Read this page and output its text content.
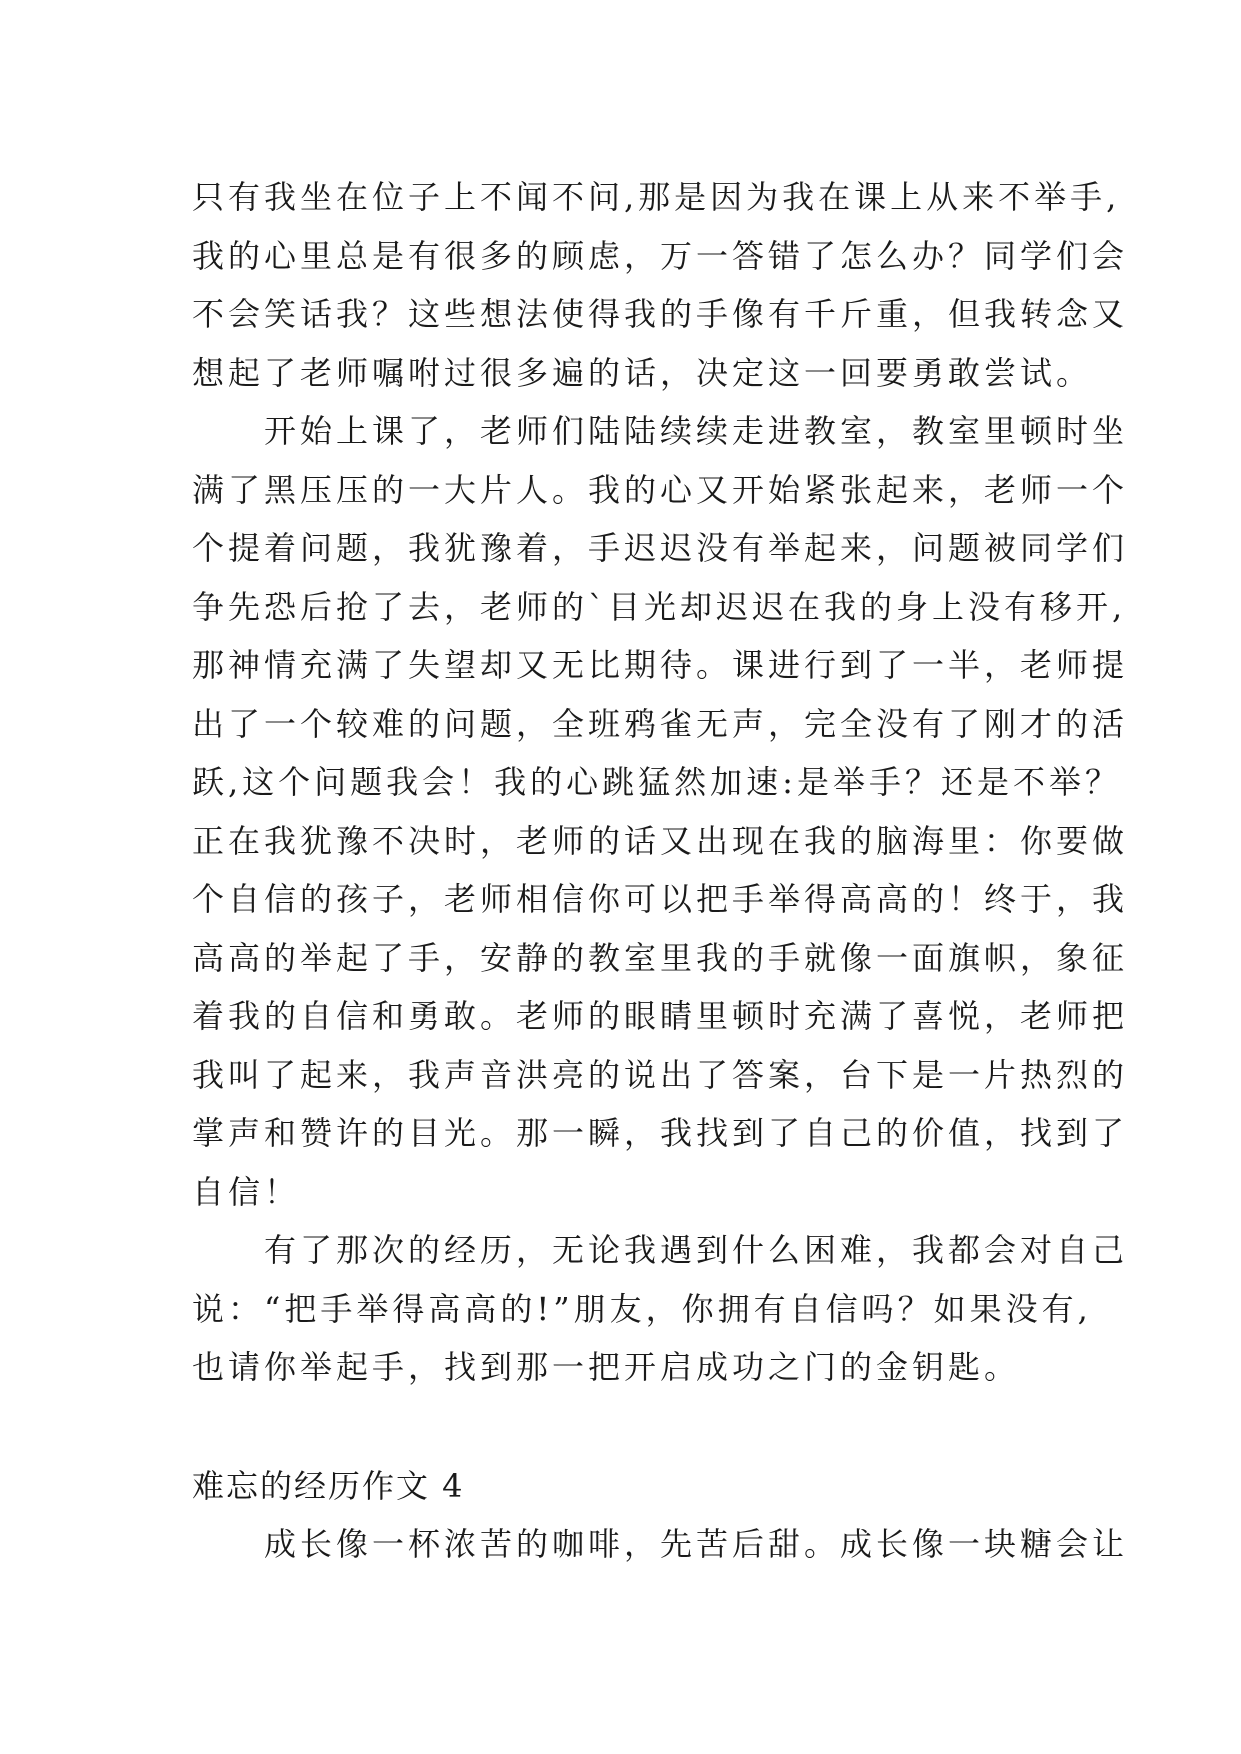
只有我坐在位子上不闻不问,那是因为我在课上从来不举手,
我的心里总是有很多的顾虑，万一答错了怎么办？同学们会
不会笑话我？这些想法使得我的手像有千斤重，但我转念又
想起了老师嘱咐过很多遍的话，决定这一回要勇敢尝试。
　　开始上课了，老师们陆陆续续走进教室，教室里顿时坐
满了黑压压的一大片人。我的心又开始紧张起来，老师一个
个提着问题，我犹豫着，手迟迟没有举起来，问题被同学们
争先恐后抢了去，老师的`目光却迟迟在我的身上没有移开,
那神情充满了失望却又无比期待。课进行到了一半，老师提
出了一个较难的问题，全班鸦雀无声，完全没有了刚才的活
跃,这个问题我会！我的心跳猛然加速:是举手？还是不举？
正在我犹豫不决时，老师的话又出现在我的脑海里：你要做
个自信的孩子，老师相信你可以把手举得高高的！终于，我
高高的举起了手，安静的教室里我的手就像一面旗帜，象征
着我的自信和勇敢。老师的眼睛里顿时充满了喜悦，老师把
我叫了起来，我声音洪亮的说出了答案，台下是一片热烈的
掌声和赞许的目光。那一瞬，我找到了自己的价值，找到了
自信！
　　有了那次的经历，无论我遇到什么困难，我都会对自己
说：“把手举得高高的!”朋友，你拥有自信吗？如果没有,
也请你举起手，找到那一把开启成功之门的金钥匙。
难忘的经历作文 4
　　成长像一杯浓苦的咖啡，先苦后甜。成长像一块糖会让
